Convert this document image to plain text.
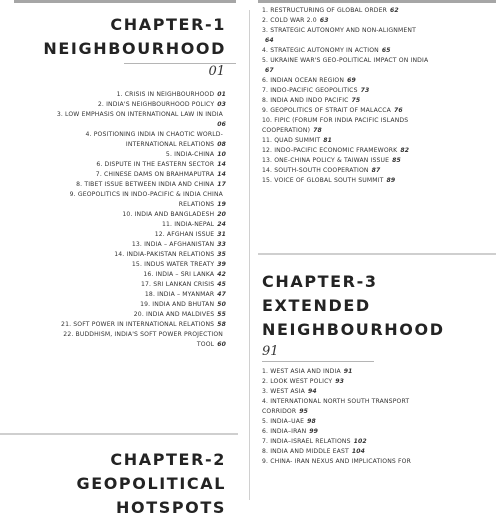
CHAPTER-1
NEIGHBOURHOOD
01
1. CRISIS IN NEIGHBOURHOOD 01
2. INDIA'S NEIGHBOURHOOD POLICY 03
3. LOW EMPHASIS ON INTERNATIONAL LAW IN INDIA
06
4. POSITIONING INDIA IN CHAOTIC WORLD-
INTERNATIONAL RELATIONS 08
5. INDIA-CHINA 10
6. DISPUTE IN THE EASTERN SECTOR 14
7. CHINESE DAMS ON BRAHMAPUTRA 14
8. TIBET ISSUE BETWEEN INDIA AND CHINA 17
9. GEOPOLITICS IN INDO-PACIFIC & INDIA CHINA
RELATIONS 19
10. INDIA AND BANGLADESH 20
11. INDIA-NEPAL 24
12. AFGHAN ISSUE 31
13. INDIA – AFGHANISTAN 33
14. INDIA-PAKISTAN RELATIONS 35
15. INDUS WATER TREATY 39
16. INDIA – SRI LANKA 42
17. SRI LANKAN CRISIS 45
18. INDIA – MYANMAR 47
19. INDIA AND BHUTAN 50
20. INDIA AND MALDIVES 55
21. SOFT POWER IN INTERNATIONAL RELATIONS 58
22. BUDDHISM, INDIA'S SOFT POWER PROJECTION
TOOL 60
CHAPTER-2
GEOPOLITICAL
HOTSPOTS
1. RESTRUCTURING OF GLOBAL ORDER 62
2. COLD WAR 2.0 63
3. STRATEGIC AUTONOMY AND NON-ALIGNMENT
64
4. STRATEGIC AUTONOMY IN ACTION 65
5. UKRAINE WAR'S GEO-POLITICAL IMPACT ON INDIA
67
6. INDIAN OCEAN REGION 69
7. INDO-PACIFIC GEOPOLITICS 73
8. INDIA AND INDO PACIFIC 75
9. GEOPOLITICS OF STRAIT OF MALACCA 76
10. FIPIC (FORUM FOR INDIA PACIFIC ISLANDS
COOPERATION) 78
11. QUAD SUMMIT 81
12. INDO-PACIFIC ECONOMIC FRAMEWORK 82
13. ONE-CHINA POLICY & TAIWAN ISSUE 85
14. SOUTH-SOUTH COOPERATION 87
15. VOICE OF GLOBAL SOUTH SUMMIT 89
CHAPTER-3
EXTENDED
NEIGHBOURHOOD
91
1. WEST ASIA AND INDIA 91
2. LOOK WEST POLICY 93
3. WEST ASIA 94
4. INTERNATIONAL NORTH SOUTH TRANSPORT
CORRIDOR 95
5. INDIA–UAE 98
6. INDIA–IRAN 99
7. INDIA–ISRAEL RELATIONS 102
8. INDIA AND MIDDLE EAST 104
9. CHINA- IRAN NEXUS AND IMPLICATIONS FOR
